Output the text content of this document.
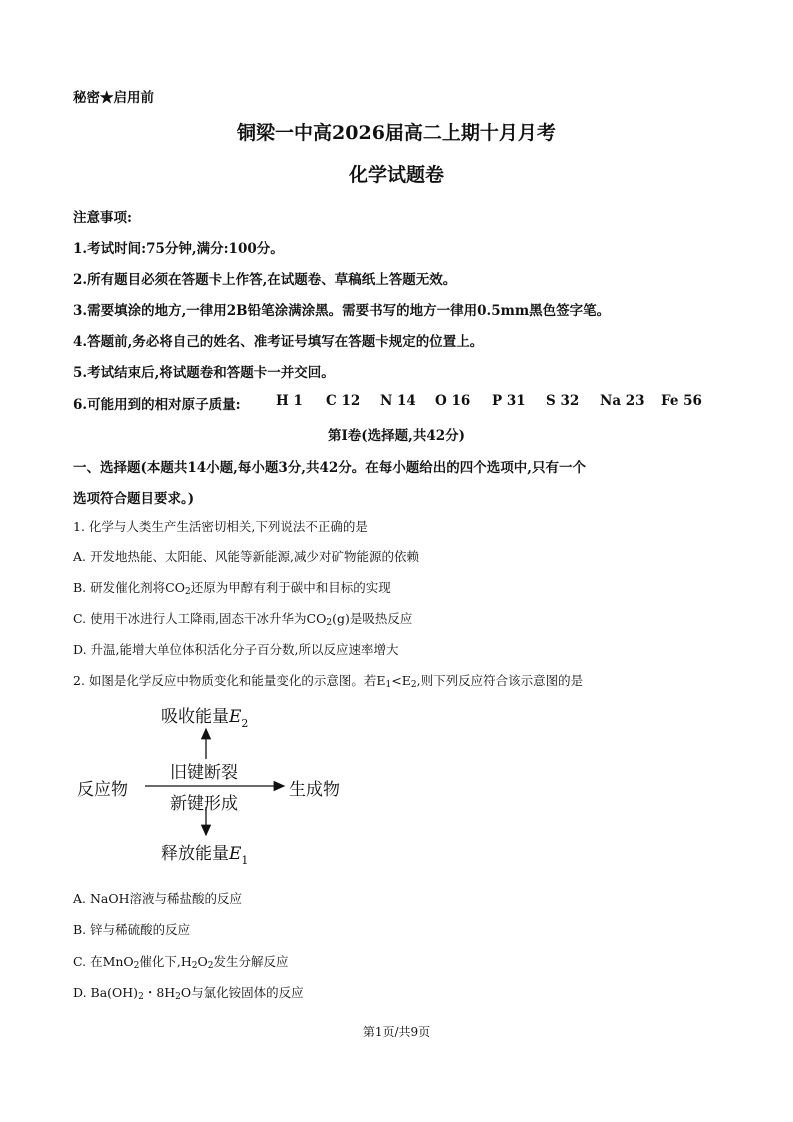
秘密★启用前
铜梁一中高2026届高二上期十月月考
化学试题卷
注意事项:
1.考试时间:75分钟,满分:100分。
2.所有题目必须在答题卡上作答,在试题卷、草稿纸上答题无效。
3.需要填涂的地方,一律用2B铅笔涂满涂黑。需要书写的地方一律用0.5mm黑色签字笔。
4.答题前,务必将自己的姓名、准考证号填写在答题卡规定的位置上。
5.考试结束后,将试题卷和答题卡一并交回。
6.可能用到的相对原子质量:	H 1 C 12 N 14 O 16 P 31 S 32 Na 23 Fe 56
第I卷(选择题,共42分)
一、选择题(本题共14小题,每小题3分,共42分。在每小题给出的四个选项中,只有一个
选项符合题目要求。)
1. 化学与人类生产生活密切相关,下列说法不正确的是
A. 开发地热能、太阳能、风能等新能源,减少对矿物能源的依赖
B. 研发催化剂将$CO_2$还原为甲醇有利于碳中和目标的实现
C. 使用干冰进行人工降雨,固态干冰升华为$CO_2(g)$是吸热反应
D. 升温,能增大单位体积活化分子百分数,所以反应速率增大
2. 如图是化学反应中物质变化和能量变化的示意图。若$E_1<E_2$,则下列反应符合该示意图的是
吸收能量$E_2$
反应物
旧键断裂
新键形成
生成物
释放能量$E_1$
A. NaOH溶液与稀盐酸的反应
B. 锌与稀硫酸的反应
C. 在MnO$_2$催化下$,H_2O_2$发生分解反应
D. $Ba(OH)_2$・$8H_2O$与氯化铵固体的反应
第1页/共9页
